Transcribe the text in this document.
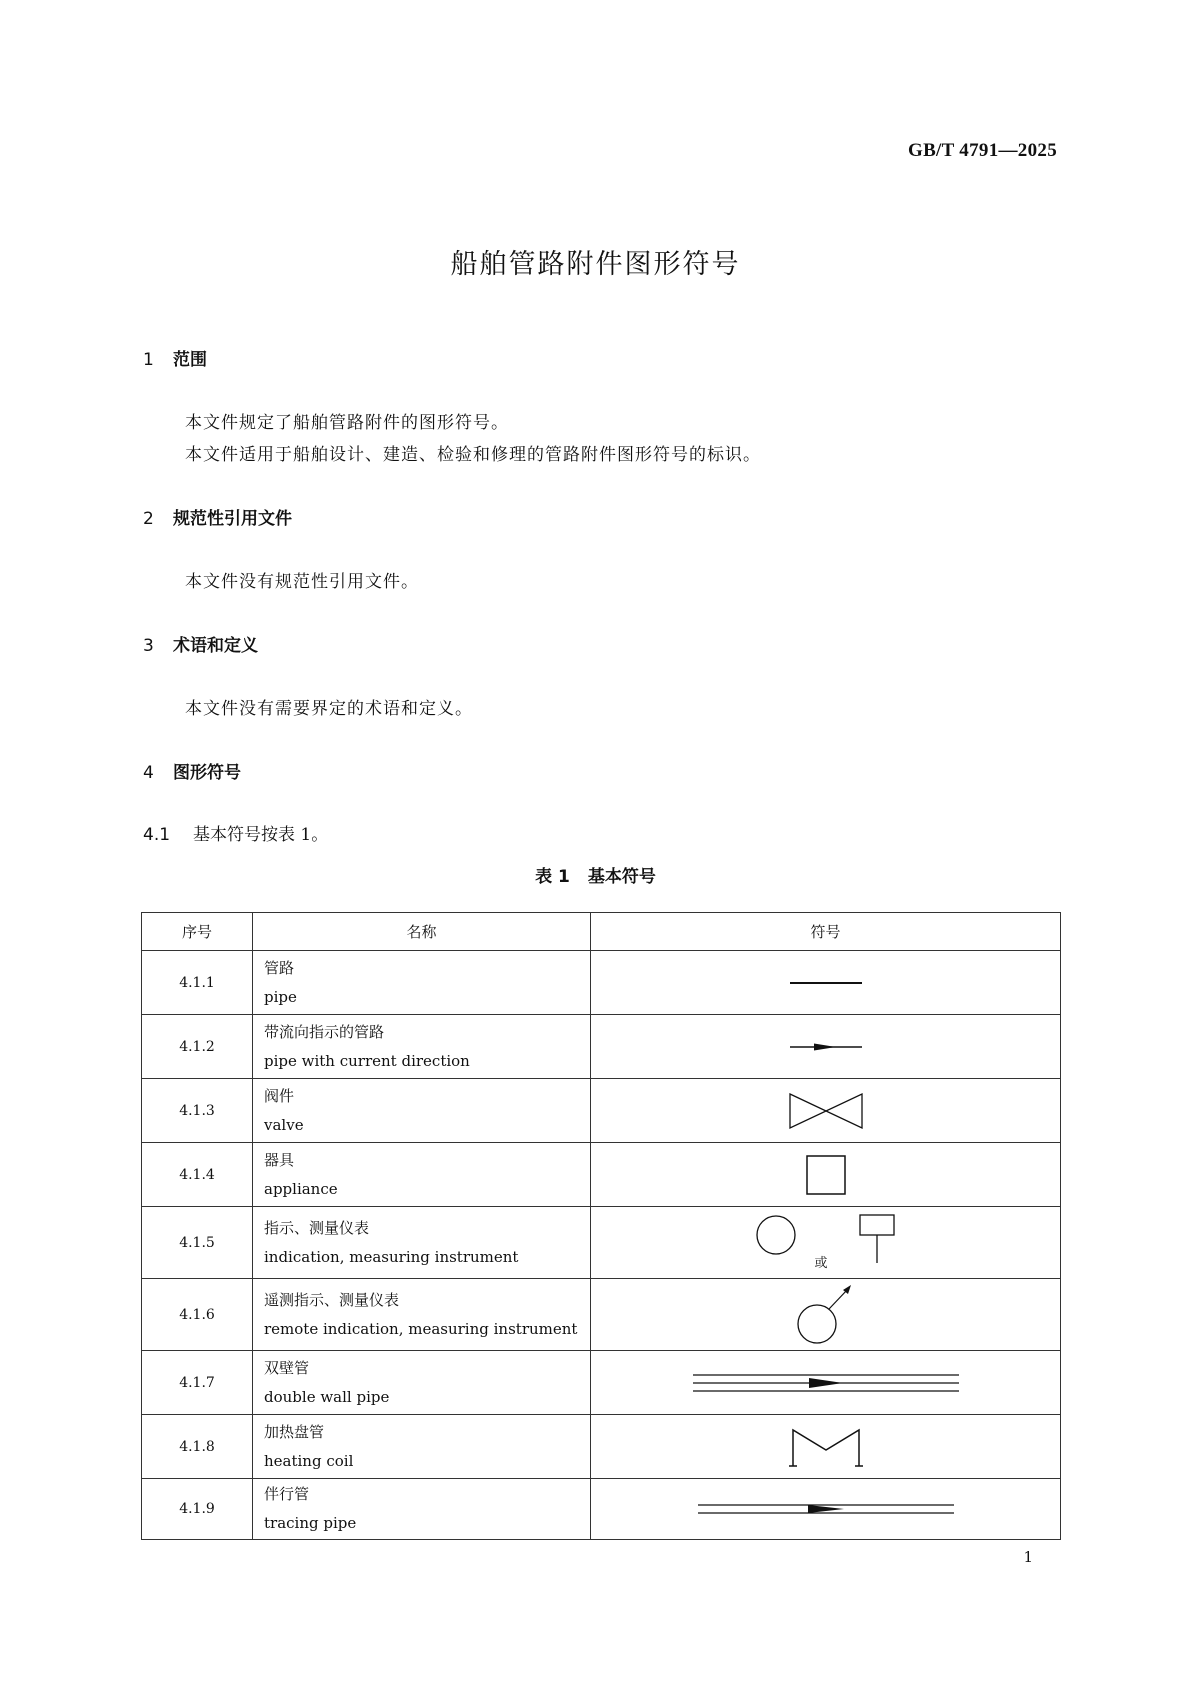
GB/T 4791—2025
船舶管路附件图形符号
1 范围
本文件规定了船舶管路附件的图形符号。
本文件适用于船舶设计、建造、检验和修理的管路附件图形符号的标识。
2 规范性引用文件
本文件没有规范性引用文件。
3 术语和定义
本文件没有需要界定的术语和定义。
4 图形符号
4.1 基本符号按表 1。
表 1 基本符号
序号	名称	符号
4.1.1	管路
pipe

4.1.2	带流向指示的管路
pipe with current direction

4.1.3	阀件
valve

4.1.4	器具
appliance

4.1.5	指示、测量仪表
indication, measuring instrument	或

4.1.6	遥测指示、测量仪表
remote indication, measuring instrument

4.1.7	双壁管
double wall pipe

4.1.8	加热盘管
heating coil

4.1.9	伴行管
tracing pipe

1
